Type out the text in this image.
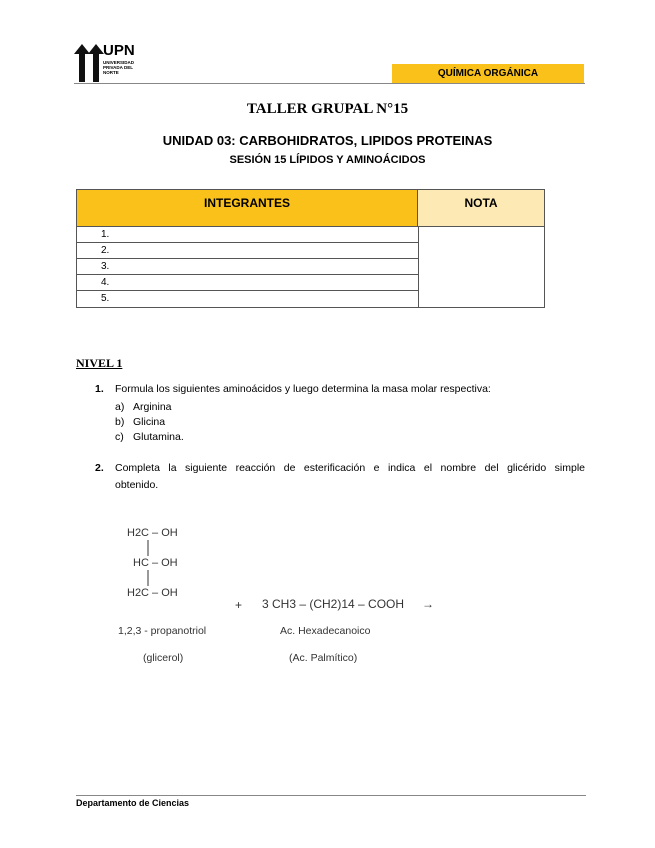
UPN
UNIVERSIDAD PRIVADA DEL NORTE	QUÍMICA ORGÁNICA
TALLER GRUPAL N°15
UNIDAD 03: CARBOHIDRATOS, LIPIDOS PROTEINAS
SESIÓN 15 LÍPIDOS Y AMINOÁCIDOS
INTEGRANTES	NOTA
1.
2.
3.
4.
5.
NIVEL 1
1. Formula los siguientes aminoácidos y luego determina la masa molar respectiva:
a) Arginina
b) Glicina
c) Glutamina.
2. Completa la siguiente reacción de esterificación e indica el nombre del glicérido simple
obtenido.
H2C – OH
HC – OH
H2C – OH
+ 3 CH3 – (CH2)14 – COOH →
1,2,3 - propanotriol	Ac. Hexadecanoico
(glicerol)	(Ac. Palmítico)
Departamento de Ciencias
